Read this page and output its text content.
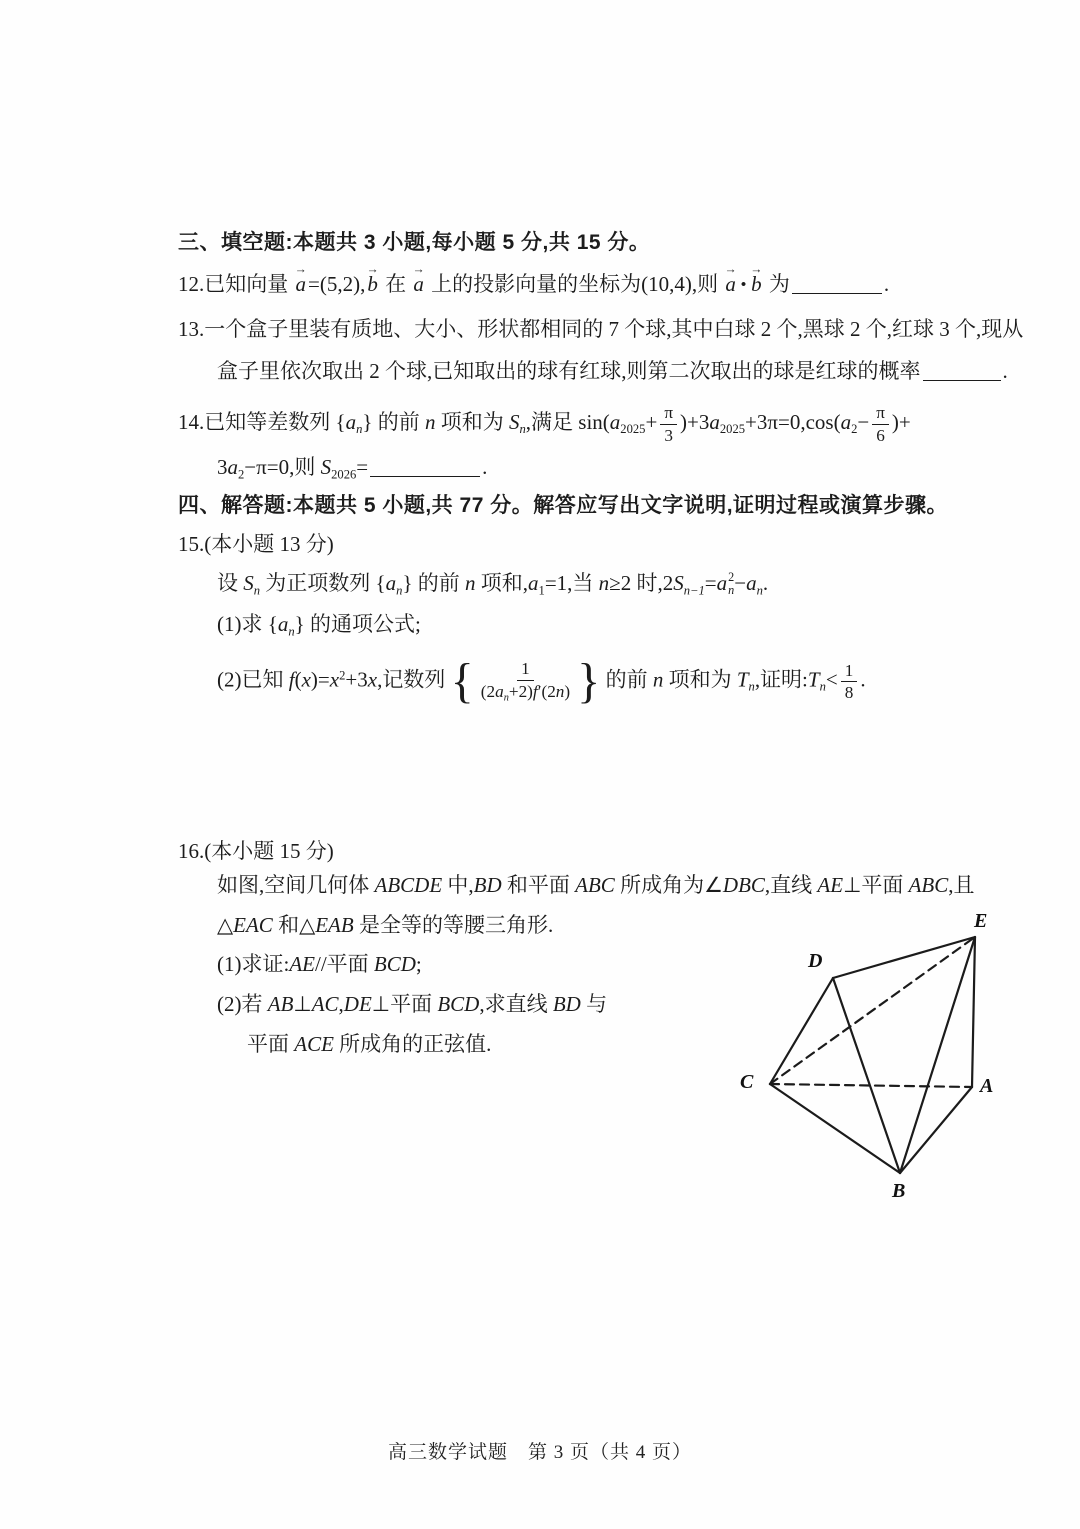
三、填空题:本题共 3 小题,每小题 5 分,共 15 分。
12.已知向量 a →=(5,2),b → 在 a → 上的投影向量的坐标为(10,4),则 a → • b → 为	.
13.一个盒子里装有质地、大小、形状都相同的 7 个球,其中白球 2 个,黑球 2 个,红球 3 个,现从
盒子里依次取出 2 个球,已知取出的球有红球,则第二次取出的球是红球的概率	.
14.已知等差数列 $\{a_n\}$ 的前 n 项和为 $S_n$,满足 $\sin(a_{2025}+ \frac{\pi}{3} )+3a_{2025}+3\pi=0,\cos(a_2- \frac{\pi}{6}$ )+
$3a_2-\pi=0$,则 $S_{2026}=$	.
四、解答题:本题共 5 小题,共 77 分。解答应写出文字说明,证明过程或演算步骤。
15.(本小题 13 分)
设 $S_n$ 为正项数列 $\{a_n\}$ 的前 n 项和$,a_1=1$,当 n≥2 时$,2S_{n-1}= a$ 2
$n -a_n$.
(1)求 $\{a_n\}$ 的通项公式;
(2)已知 $f(x)=x^2+3x$,记数列 { $\frac{1}{(2a_n+2)f'(2n)}$ } 的前 n 项和为 $T_n$,证明$:T_n< \frac{1}{8}$ .
16.(本小题 15 分)
如图,空间几何体 ABCDE 中,BD 和平面 ABC 所成角为∠DBC,直线 AE⊥平面 ABC,且
△EAC 和△EAB 是全等的等腰三角形.
(1)求证:AE//平面 BCD;
(2)若 AB⊥AC,DE⊥平面 BCD,求直线 BD 与
平面 ACE 所成角的正弦值.
E
D
C	A
B
高三数学试题　第 3 页（共 4 页）
